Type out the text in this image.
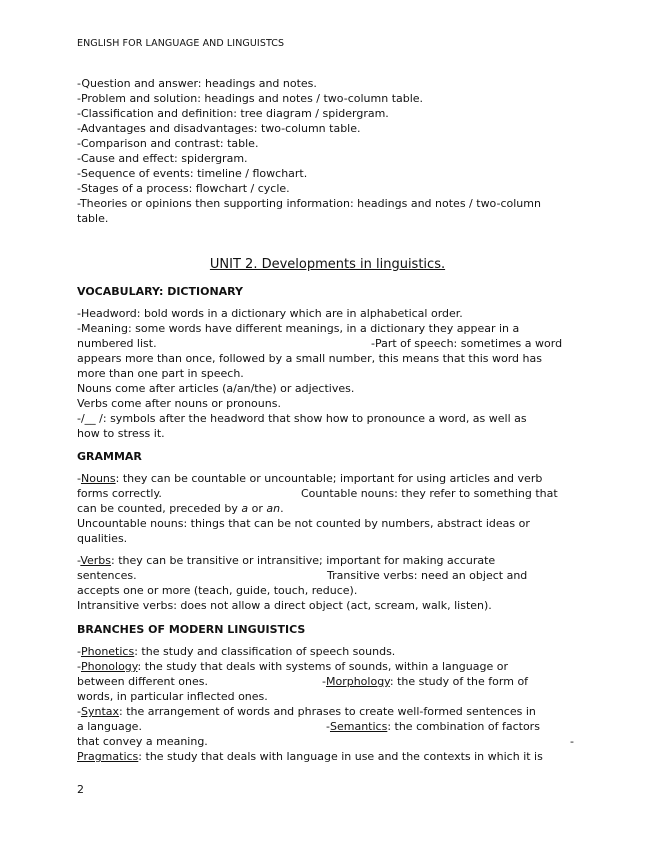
ENGLISH FOR LANGUAGE AND LINGUISTCS
-Question and answer: headings and notes.
-Problem and solution: headings and notes / two-column table.
-Classification and definition: tree diagram / spidergram.
-Advantages and disadvantages: two-column table.
-Comparison and contrast: table.
-Cause and effect: spidergram.
-Sequence of events: timeline / flowchart.
-Stages of a process: flowchart / cycle.
-Theories or opinions then supporting information: headings and notes / two-column
table.
UNIT 2. Developments in linguistics.
VOCABULARY: DICTIONARY
-Headword: bold words in a dictionary which are in alphabetical order.
-Meaning: some words have different meanings, in a dictionary they appear in a
numbered list.	-Part of speech: sometimes a word
appears more than once, followed by a small number, this means that this word has
more than one part in speech.
Nouns come after articles (a/an/the) or adjectives.
Verbs come after nouns or pronouns.
-/__ /: symbols after the headword that show how to pronounce a word, as well as
how to stress it.
GRAMMAR
-Nouns: they can be countable or uncountable; important for using articles and verb
forms correctly.	Countable nouns: they refer to something that
can be counted, preceded by a or an.
Uncountable nouns: things that can be not counted by numbers, abstract ideas or
qualities.
-Verbs: they can be transitive or intransitive; important for making accurate
sentences.	Transitive verbs: need an object and
accepts one or more (teach, guide, touch, reduce).
Intransitive verbs: does not allow a direct object (act, scream, walk, listen).
BRANCHES OF MODERN LINGUISTICS
-Phonetics: the study and classification of speech sounds.
-Phonology: the study that deals with systems of sounds, within a language or
between different ones.	-Morphology: the study of the form of
words, in particular inflected ones.
-Syntax: the arrangement of words and phrases to create well-formed sentences in
a language.	-Semantics: the combination of factors
that convey a meaning.	-
Pragmatics: the study that deals with language in use and the contexts in which it is
2
